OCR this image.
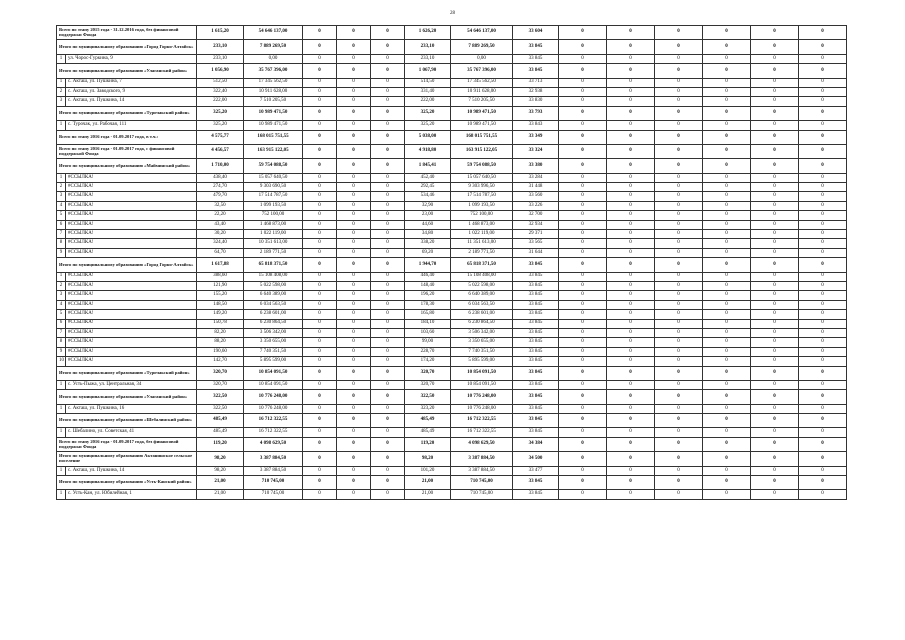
28
Всего по этапу 2015 года - 31.12.2016 года, без финансовой поддержки Фонда		1 615,20	54 646 137,00	0	0	0	1 626,20	54 646 137,00	33 604	0	0	0	0	0	0
Итого по муниципальному образованию «Город Горно-Алтайск»		233,10	7 889 269,50	0	0	0	233,10	7 889 269,50	33 845	0	0	0	0	0	0
1	ул. Чорос-Гуркина, 9	233,10	0,00	0	0	0	233,10	0,00	33 845	0	0	0	0	0	0
Итого по муниципальному образованию «Улаганский район»		1 056,90	35 767 396,00	0	0	0	1 067,90	35 767 396,00	33 845	0	0	0	0	0	0
1	с. Акташ, ул. Пушкина, 7	512,50	17 345 562,50	0	0	0	514,50	17 345 562,50	33 713	0	0	0	0	0	0
2	с. Акташ, ул. Заводского, 9	322,40	10 911 628,00	0	0	0	331,40	10 911 628,00	32 938	0	0	0	0	0	0
3	с. Акташ, ул. Пушкина, 14	222,00	7 510 205,50	0	0	0	222,00	7 510 205,50	33 830	0	0	0	0	0	0
Итого по муниципальному образованию «Турочакский район»		325,20	10 989 471,50	0	0	0	325,20	10 989 471,50	33 793	0	0	0	0	0	0
1	с. Турочак, ул. Рабочая, 111	325,20	10 989 471,50	0	0	0	325,20	10 989 471,50	33 843	0	0	0	0	0	0
Всего по этапу 2016 года - 01.09.2017 года, в т.ч.:		4 575,77	168 015 751,55	0	0	0	5 038,00	168 015 751,55	33 349	0	0	0	0	0	0
Всего по этапу 2016 года - 01.09.2017 года, с финансовой поддержкой Фонда		4 456,57	163 915 122,05	0	0	0	4 918,80	163 915 122,05	33 324	0	0	0	0	0	0
Итого по муниципальному образованию «Майминский район»		1 710,00	59 754 088,50	0	0	0	1 845,41	59 754 088,50	33 380	0	0	0	0	0	0
1	#ССЫЛКА!	438,40	15 057 640,50	0	0	0	452,40	15 057 640,50	33 284	0	0	0	0	0	0
2	#ССЫЛКА!	274,70	9 303 690,50	0	0	0	292,45	9 303 996,50	31 448	0	0	0	0	0	0
3	#ССЫЛКА!	479,70	17 514 787,50	0	0	0	534,46	17 514 787,50	33 560	0	0	0	0	0	0
4	#ССЫЛКА!	32,50	1 099 193,50	0	0	0	32,90	1 099 193,50	33 226	0	0	0	0	0	0
5	#ССЫЛКА!	22,20	752 100,00	0	0	0	23,00	752 100,00	32 700	0	0	0	0	0	0
6	#ССЫЛКА!	43,40	1 468 873,00	0	0	0	44,60	1 468 873,00	32 934	0	0	0	0	0	0
7	#ССЫЛКА!	30,20	1 022 119,00	0	0	0	34,80	1 022 119,00	29 371	0	0	0	0	0	0
8	#ССЫЛКА!	324,40	10 351 613,00	0	0	0	338,20	11 351 613,00	33 565	0	0	0	0	0	0
9	#ССЫЛКА!	64,70	2 189 771,50	0	0	0	69,20	2 189 771,50	31 644	0	0	0	0	0	0
Итого по муниципальному образованию «Город Горно-Алтайск»		1 617,88	65 818 371,50	0	0	0	1 944,70	65 818 371,50	33 845	0	0	0	0	0	0
1	#ССЫЛКА!	388,60	15 108 408,00	0	0	0	446,40	15 108 408,00	33 845	0	0	0	0	0	0
2	#ССЫЛКА!	121,90	5 022 598,00	0	0	0	148,40	5 022 598,00	33 845	0	0	0	0	0	0
3	#ССЫЛКА!	155,20	6 640 389,00	0	0	0	196,20	6 640 389,00	33 845	0	0	0	0	0	0
4	#ССЫЛКА!	148,50	6 034 563,50	0	0	0	178,30	6 034 563,50	33 845	0	0	0	0	0	0
5	#ССЫЛКА!	149,20	6 238 601,00	0	0	0	165,80	6 238 601,00	33 845	0	0	0	0	0	0
6	#ССЫЛКА!	150,78	6 230 864,50	0	0	0	184,10	6 230 864,50	33 845	0	0	0	0	0	0
7	#ССЫЛКА!	82,20	3 506 342,00	0	0	0	103,60	3 506 342,00	33 845	0	0	0	0	0	0
8	#ССЫЛКА!	88,20	3 350 655,00	0	0	0	99,00	3 350 655,00	33 845	0	0	0	0	0	0
9	#ССЫЛКА!	190,60	7 740 351,50	0	0	0	228,70	7 740 351,50	33 845	0	0	0	0	0	0
10	#ССЫЛКА!	142,70	5 895 599,00	0	0	0	174,20	5 895 599,00	33 845	0	0	0	0	0	0
Итого по муниципальному образованию «Турочакский район»		320,70	10 854 091,50	0	0	0	320,70	10 854 091,50	33 845	0	0	0	0	0	0
1	с. Усть-Пыжа, ул. Центральная, 34	320,70	10 854 091,50	0	0	0	320,70	10 854 091,50	33 845	0	0	0	0	0	0
Итого по муниципальному образованию «Улаганский район»		322,50	10 776 248,00	0	0	0	322,50	10 776 248,00	33 845	0	0	0	0	0	0
1	с. Акташ, ул. Пушкина, 16	322,50	10 776 248,00	0	0	0	323,20	10 776 248,00	33 845	0	0	0	0	0	0
Итого по муниципальному образованию «Шебалинский район»		485,49	16 712 322,55	0	0	0	485,49	16 712 322,55	33 845	0	0	0	0	0	0
1	с. Шебалино, ул. Советская, 41	485,49	16 712 322,55	0	0	0	485,49	16 712 322,55	33 845	0	0	0	0	0	0
Всего по этапу 2016 года - 01.09.2017 года, без финансовой поддержки Фонда		119,20	4 098 629,50	0	0	0	119,20	4 098 629,50	34 384	0	0	0	0	0	0
Итого по муниципальному образованию Актанишское сельское поселение		98,20	3 387 884,50	0	0	0	98,20	3 387 884,50	34 500	0	0	0	0	0	0
1	с. Акташ, ул. Пушкина, 14	98,20	3 387 884,50	0	0	0	101,20	3 387 884,50	33 477	0	0	0	0	0	0
Итого по муниципальному образованию «Усть-Канский район»		21,00	710 745,00	0	0	0	21,00	710 745,00	33 845	0	0	0	0	0	0
1	с. Усть-Кан, ул. Юбилейная, 1	21,00	710 745,00	0	0	0	21,00	710 745,00	33 845	0	0	0	0	0	0
